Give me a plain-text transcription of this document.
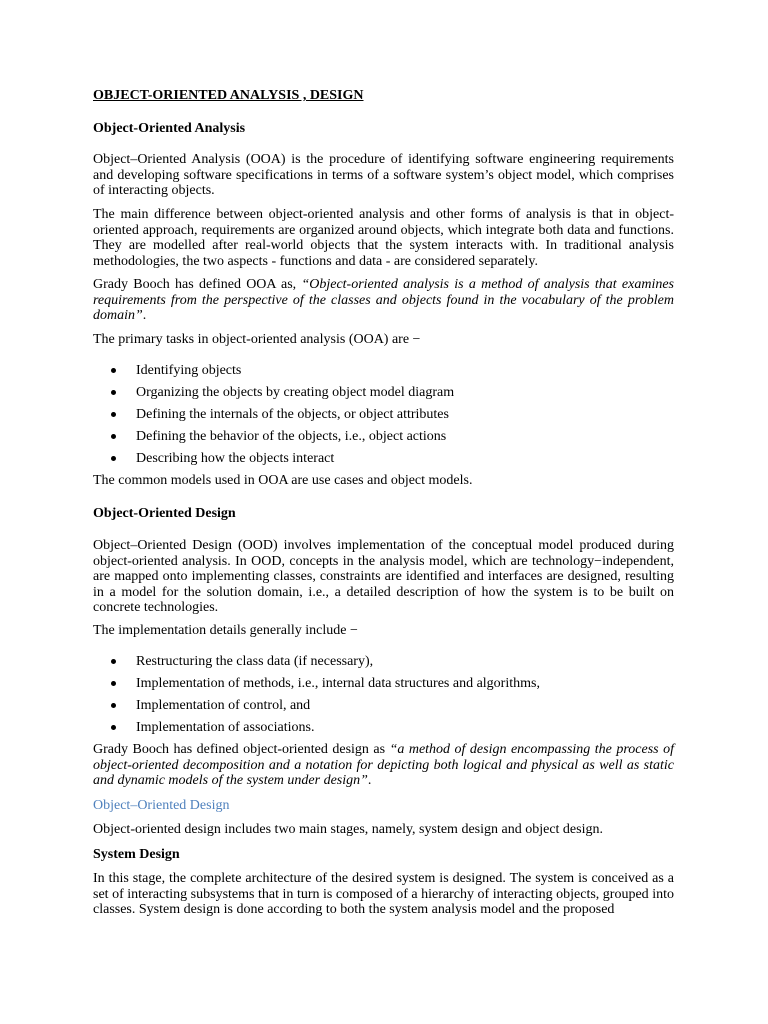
OBJECT-ORIENTED ANALYSIS , DESIGN
Object-Oriented Analysis

Object–Oriented Analysis (OOA) is the procedure of identifying software engineering requirements and developing software specifications in terms of a software system’s object model, which comprises of interacting objects.

The main difference between object-oriented analysis and other forms of analysis is that in object-oriented approach, requirements are organized around objects, which integrate both data and functions. They are modelled after real-world objects that the system interacts with. In traditional analysis methodologies, the two aspects - functions and data - are considered separately.

Grady Booch has defined OOA as, “Object-oriented analysis is a method of analysis that examines requirements from the perspective of the classes and objects found in the vocabulary of the problem domain”.

The primary tasks in object-oriented analysis (OOA) are −

Identifying objects
Organizing the objects by creating object model diagram
Defining the internals of the objects, or object attributes
Defining the behavior of the objects, i.e., object actions
Describing how the objects interact

The common models used in OOA are use cases and object models.

Object-Oriented Design

Object–Oriented Design (OOD) involves implementation of the conceptual model produced during object-oriented analysis. In OOD, concepts in the analysis model, which are technology−independent, are mapped onto implementing classes, constraints are identified and interfaces are designed, resulting in a model for the solution domain, i.e., a detailed description of how the system is to be built on concrete technologies.

The implementation details generally include −

Restructuring the class data (if necessary),
Implementation of methods, i.e., internal data structures and algorithms,
Implementation of control, and
Implementation of associations.

Grady Booch has defined object-oriented design as “a method of design encompassing the process of object-oriented decomposition and a notation for depicting both logical and physical as well as static and dynamic models of the system under design”.

Object–Oriented Design

Object-oriented design includes two main stages, namely, system design and object design.

System Design

In this stage, the complete architecture of the desired system is designed. The system is conceived as a set of interacting subsystems that in turn is composed of a hierarchy of interacting objects, grouped into classes. System design is done according to both the system analysis model and the proposed
